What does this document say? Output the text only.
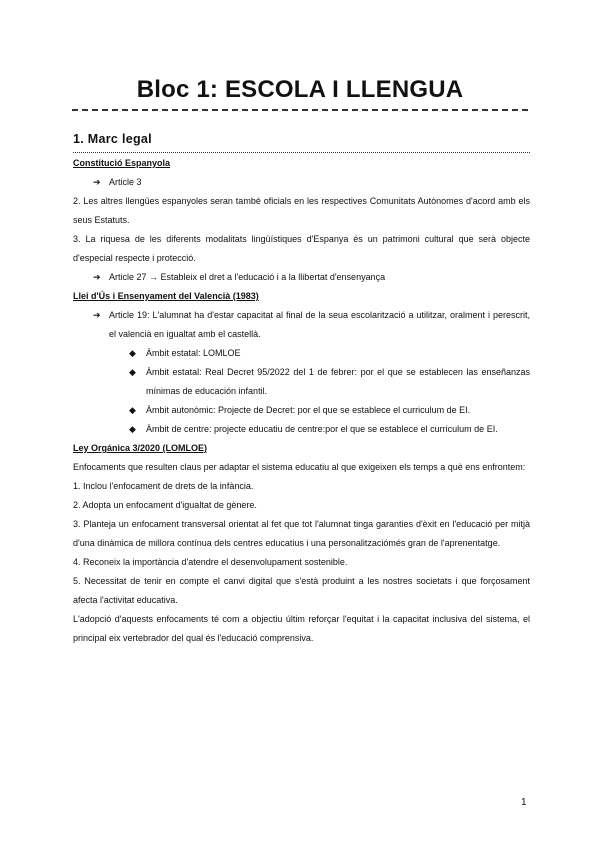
Bloc 1: ESCOLA I LLENGUA
1. Marc legal

Constitució Espanyola

➔ Article 3

2. Les altres llengües espanyoles seran també oficials en les respectives Comunitats Autònomes d'acord amb els seus Estatuts.

3. La riquesa de les diferents modalitats lingüístiques d'Espanya és un patrimoni cultural que serà objecte d'especial respecte i protecció.

➔ Article 27 → Estableix el dret a l'educació i a la llibertat d'ensenyança

Llei d'Ús i Ensenyament del Valencià (1983)

➔ Article 19: L'alumnat ha d'estar capacitat al final de la seua escolarització a utilitzar, oralment i perescrit, el valencià en igualtat amb el castellà.

◆ Àmbit estatal: LOMLOE

◆ Àmbit estatal: Real Decret 95/2022 del 1 de febrer: por el que se establecen las enseñanzas mínimas de educación infantil.

◆ Àmbit autonòmic: Projecte de Decret: por el que se establece el curriculum de EI.

◆ Àmbit de centre: projecte educatiu de centre:por el que se establece el curriculum de EI.

Ley Orgánica 3/2020 (LOMLOE)

Enfocaments que resulten claus per adaptar el sistema educatiu al que exigeixen els temps a què ens enfrontem:

1. Inclou l'enfocament de drets de la infància.

2. Adopta un enfocament d'igualtat de gènere.

3. Planteja un enfocament transversal orientat al fet que tot l'alumnat tinga garanties d'èxit en l'educació per mitjà d'una dinàmica de millora contínua dels centres educatius i una personalitzaciómés gran de l'aprenentatge.

4. Reconeix la importància d'atendre el desenvolupament sostenible.

5. Necessitat de tenir en compte el canvi digital que s'està produint a les nostres societats i que forçosament afecta l'activitat educativa.

L'adopció d'aquests enfocaments té com a objectiu últim reforçar l'equitat i la capacitat inclusiva del sistema, el principal eix vertebrador del qual és l'educació comprensiva.

1
